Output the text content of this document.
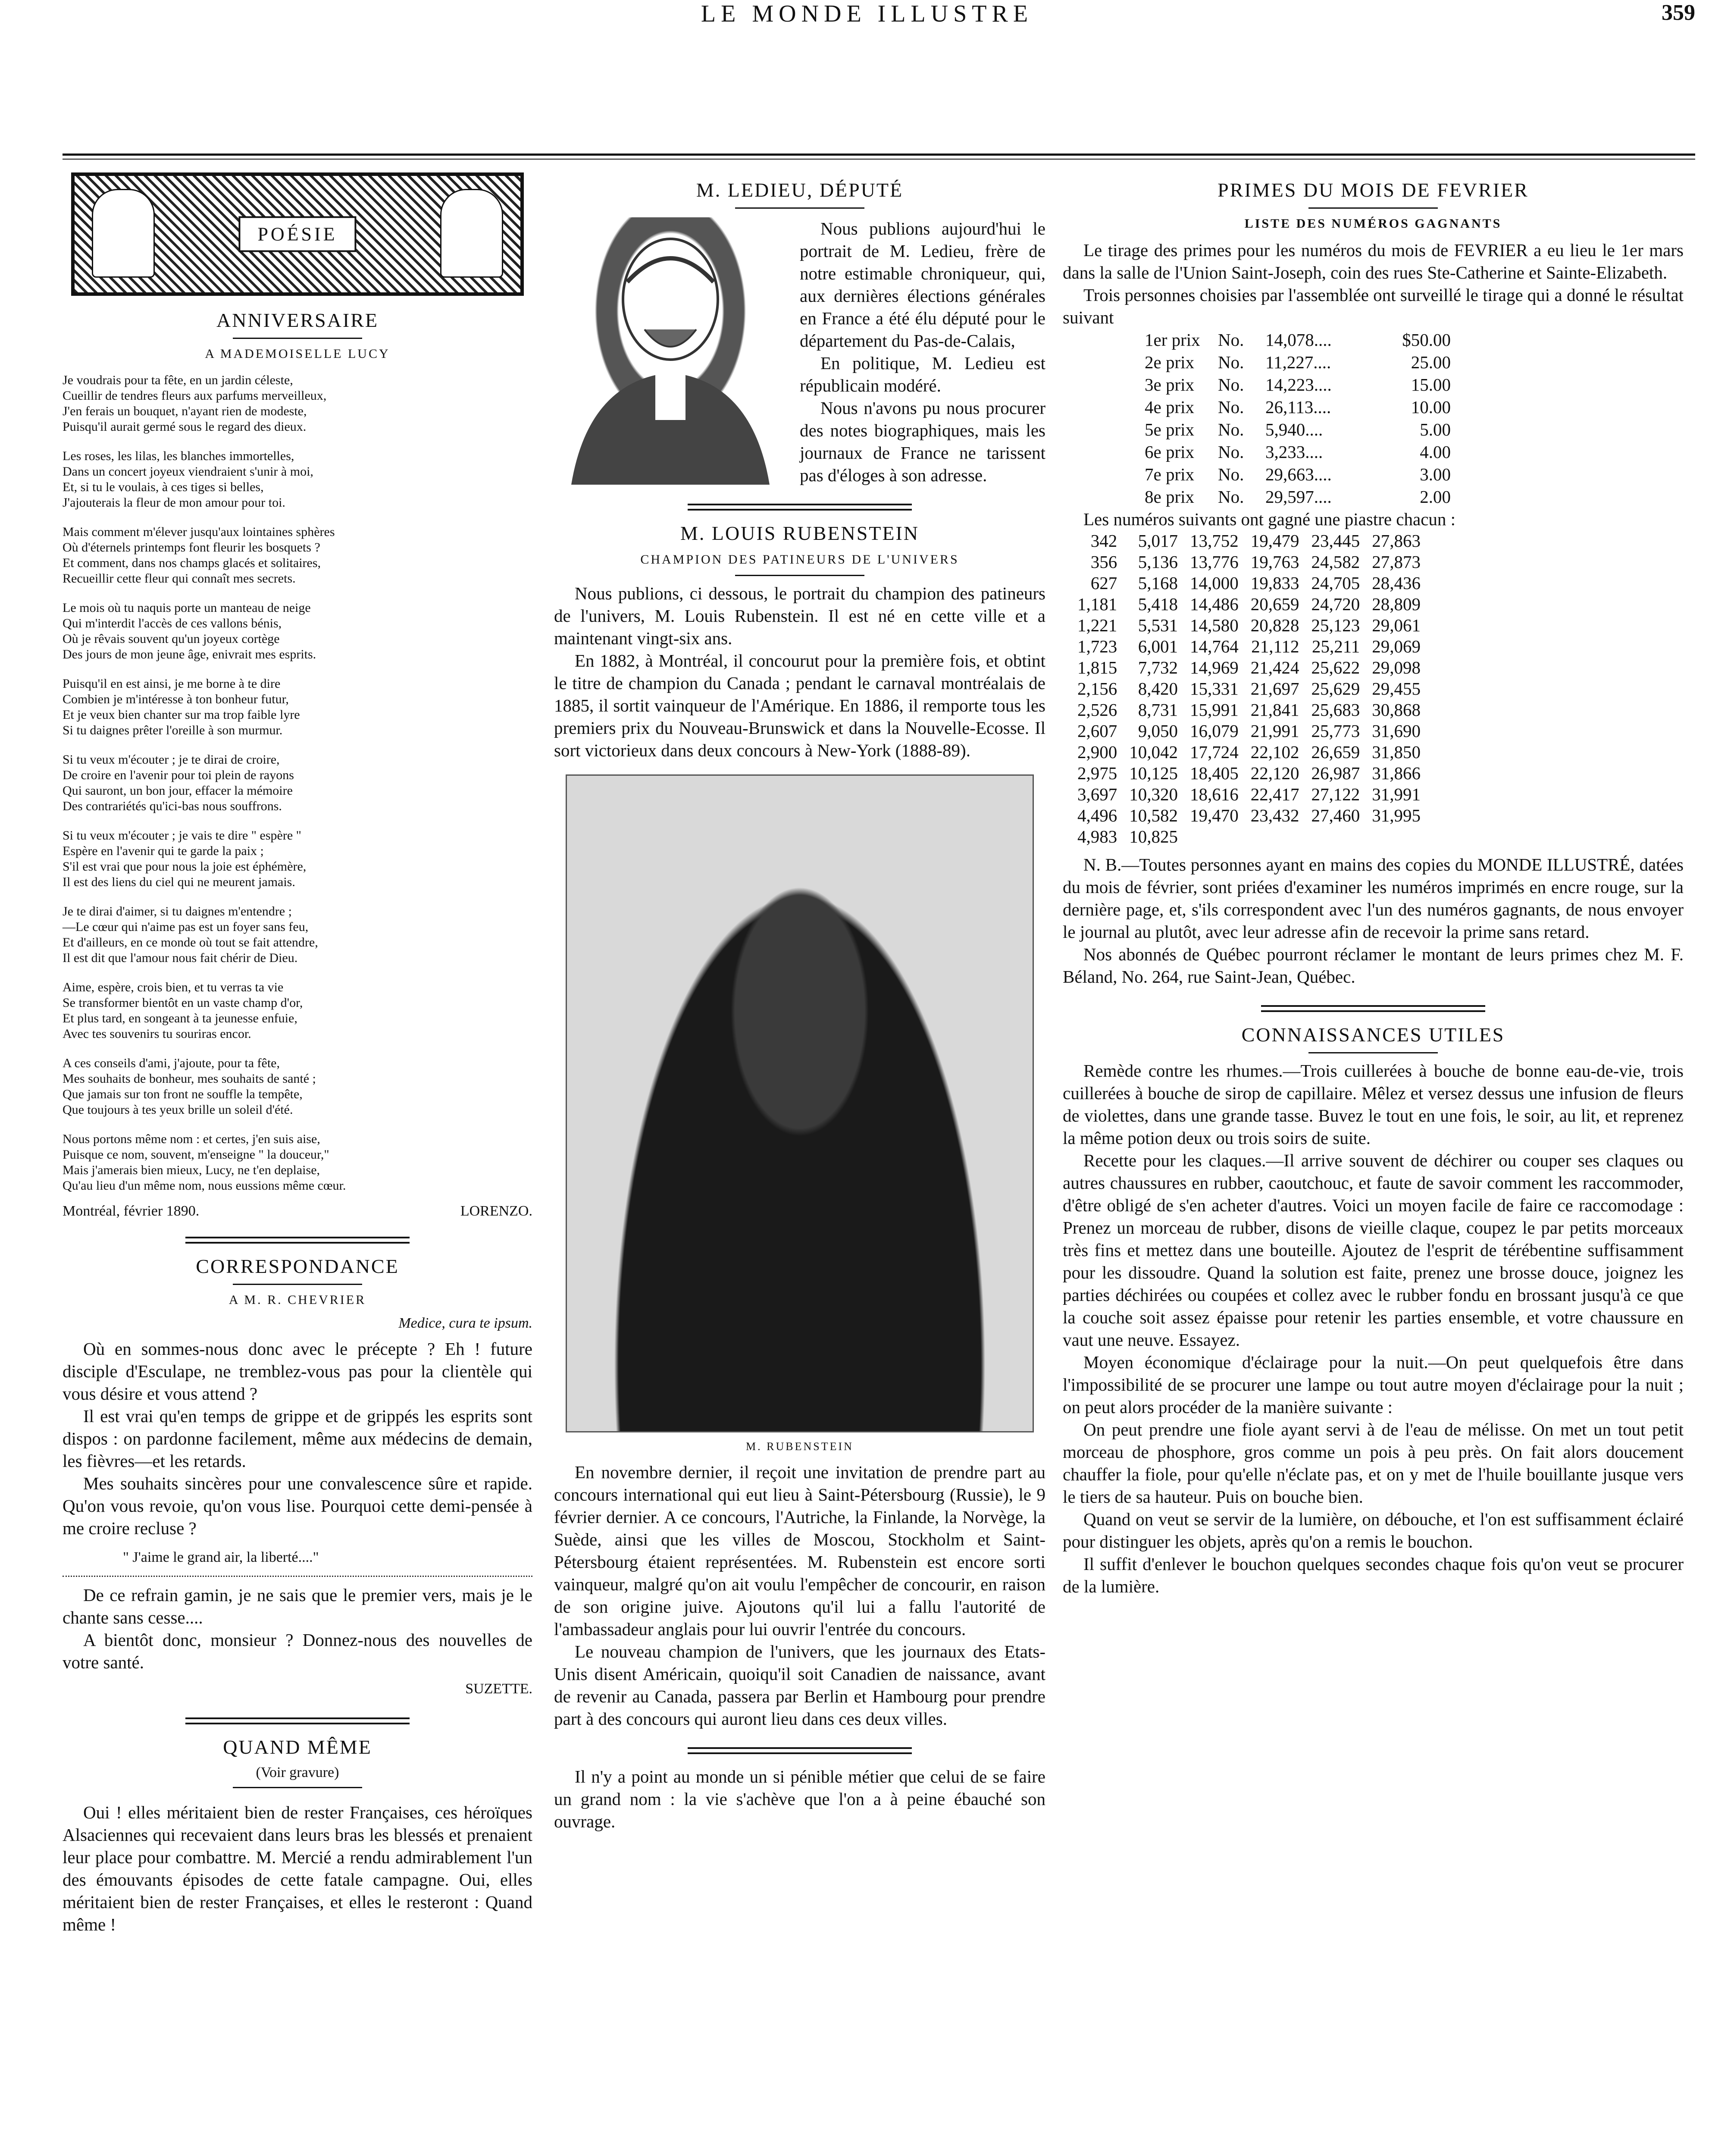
LE MONDE ILLUSTRE	359
POÉSIE
ANNIVERSAIRE
A MADEMOISELLE LUCY
Je voudrais pour ta fête, en un jardin céleste,
Cueillir de tendres fleurs aux parfums merveilleux,
J'en ferais un bouquet, n'ayant rien de modeste,
Puisqu'il aurait germé sous le regard des dieux.
Les roses, les lilas, les blanches immortelles,
Dans un concert joyeux viendraient s'unir à moi,
Et, si tu le voulais, à ces tiges si belles,
J'ajouterais la fleur de mon amour pour toi.
Mais comment m'élever jusqu'aux lointaines sphères
Où d'éternels printemps font fleurir les bosquets ?
Et comment, dans nos champs glacés et solitaires,
Recueillir cette fleur qui connaît mes secrets.
Le mois où tu naquis porte un manteau de neige
Qui m'interdit l'accès de ces vallons bénis,
Où je rêvais souvent qu'un joyeux cortège
Des jours de mon jeune âge, enivrait mes esprits.
Puisqu'il en est ainsi, je me borne à te dire
Combien je m'intéresse à ton bonheur futur,
Et je veux bien chanter sur ma trop faible lyre
Si tu daignes prêter l'oreille à son murmur.
Si tu veux m'écouter ; je te dirai de croire,
De croire en l'avenir pour toi plein de rayons
Qui sauront, un bon jour, effacer la mémoire
Des contrariétés qu'ici-bas nous souffrons.
Si tu veux m'écouter ; je vais te dire " espère "
Espère en l'avenir qui te garde la paix ;
S'il est vrai que pour nous la joie est éphémère,
Il est des liens du ciel qui ne meurent jamais.
Je te dirai d'aimer, si tu daignes m'entendre ;
—Le cœur qui n'aime pas est un foyer sans feu,
Et d'ailleurs, en ce monde où tout se fait attendre,
Il est dit que l'amour nous fait chérir de Dieu.
Aime, espère, crois bien, et tu verras ta vie
Se transformer bientôt en un vaste champ d'or,
Et plus tard, en songeant à ta jeunesse enfuie,
Avec tes souvenirs tu souriras encor.
A ces conseils d'ami, j'ajoute, pour ta fête,
Mes souhaits de bonheur, mes souhaits de santé ;
Que jamais sur ton front ne souffle la tempête,
Que toujours à tes yeux brille un soleil d'été.
Nous portons même nom : et certes, j'en suis aise,
Puisque ce nom, souvent, m'enseigne " la douceur,"
Mais j'amerais bien mieux, Lucy, ne t'en deplaise,
Qu'au lieu d'un même nom, nous eussions même cœur.
Montréal, février 1890.	LORENZO.
CORRESPONDANCE
A M. R. CHEVRIER
Medice, cura te ipsum.

Où en sommes-nous donc avec le précepte ? Eh ! future disciple d'Esculape, ne tremblez-vous pas pour la clientèle qui vous désire et vous attend ?

Il est vrai qu'en temps de grippe et de grippés les esprits sont dispos : on pardonne facilement, même aux médecins de demain, les fièvres—et les retards.

Mes souhaits sincères pour une convalescence sûre et rapide. Qu'on vous revoie, qu'on vous lise. Pourquoi cette demi-pensée à me croire recluse ?

" J'aime le grand air, la liberté...."

De ce refrain gamin, je ne sais que le premier vers, mais je le chante sans cesse....

A bientôt donc, monsieur ? Donnez-nous des nouvelles de votre santé.

SUZETTE.
QUAND MÊME
(Voir gravure)

Oui ! elles méritaient bien de rester Françaises, ces héroïques Alsaciennes qui recevaient dans leurs bras les blessés et prenaient leur place pour combattre. M. Mercié a rendu admirablement l'un des émouvants épisodes de cette fatale campagne. Oui, elles méritaient bien de rester Françaises, et elles le resteront : Quand même !

M. LEDIEU, DÉPUTÉ

Nous publions aujourd'hui le portrait de M. Ledieu, frère de notre estimable chroniqueur, qui, aux dernières élections générales en France a été élu député pour le département du Pas-de-Calais,

En politique, M. Ledieu est républicain modéré.

Nous n'avons pu nous procurer des notes biographiques, mais les journaux de France ne tarissent pas d'éloges à son adresse.

M. LOUIS RUBENSTEIN
CHAMPION DES PATINEURS DE L'UNIVERS

Nous publions, ci dessous, le portrait du champion des patineurs de l'univers, M. Louis Rubenstein. Il est né en cette ville et a maintenant vingt-six ans.

En 1882, à Montréal, il concourut pour la première fois, et obtint le titre de champion du Canada ; pendant le carnaval montréalais de 1885, il sortit vainqueur de l'Amérique. En 1886, il remporte tous les premiers prix du Nouveau-Brunswick et dans la Nouvelle-Ecosse. Il sort victorieux dans deux concours à New-York (1888-89).

M. RUBENSTEIN

En novembre dernier, il reçoit une invitation de prendre part au concours international qui eut lieu à Saint-Pétersbourg (Russie), le 9 février dernier. A ce concours, l'Autriche, la Finlande, la Norvège, la Suède, ainsi que les villes de Moscou, Stockholm et Saint-Pétersbourg étaient représentées. M. Rubenstein est encore sorti vainqueur, malgré qu'on ait voulu l'empêcher de concourir, en raison de son origine juive. Ajoutons qu'il lui a fallu l'autorité de l'ambassadeur anglais pour lui ouvrir l'entrée du concours.

Le nouveau champion de l'univers, que les journaux des Etats-Unis disent Américain, quoiqu'il soit Canadien de naissance, avant de revenir au Canada, passera par Berlin et Hambourg pour prendre part à des concours qui auront lieu dans ces deux villes.

Il n'y a point au monde un si pénible métier que celui de se faire un grand nom : la vie s'achève que l'on a à peine ébauché son ouvrage.

PRIMES DU MOIS DE FEVRIER
LISTE DES NUMÉROS GAGNANTS

Le tirage des primes pour les numéros du mois de FEVRIER a eu lieu le 1er mars dans la salle de l'Union Saint-Joseph, coin des rues Ste-Catherine et Sainte-Elizabeth.

Trois personnes choisies par l'assemblée ont surveillé le tirage qui a donné le résultat suivant

1er prix No. 14,078....	$50.00
2e prix No. 11,227....	25.00
3e prix No. 14,223....	15.00
4e prix No. 26,113....	10.00
5e prix No. 5,940....	5.00
6e prix No. 3,233....	4.00
7e prix No. 29,663....	3.00
8e prix No. 29,597....	2.00

Les numéros suivants ont gagné une piastre chacun :

342	5,017	13,752	19,479	23,445	27,863
356	5,136	13,776	19,763	24,582	27,873
627	5,168	14,000	19,833	24,705	28,436
1,181	5,418	14,486	20,659	24,720	28,809
1,221	5,531	14,580	20,828	25,123	29,061
1,723	6,001	14,764	21,112	25,211	29,069
1,815	7,732	14,969	21,424	25,622	29,098
2,156	8,420	15,331	21,697	25,629	29,455
2,526	8,731	15,991	21,841	25,683	30,868
2,607	9,050	16,079	21,991	25,773	31,690
2,900	10,042	17,724	22,102	26,659	31,850
2,975	10,125	18,405	22,120	26,987	31,866
3,697	10,320	18,616	22,417	27,122	31,991
4,496	10,582	19,470	23,432	27,460	31,995
4,983	10,825				

N. B.—Toutes personnes ayant en mains des copies du MONDE ILLUSTRÉ, datées du mois de février, sont priées d'examiner les numéros imprimés en encre rouge, sur la dernière page, et, s'ils correspondent avec l'un des numéros gagnants, de nous envoyer le journal au plutôt, avec leur adresse afin de recevoir la prime sans retard.

Nos abonnés de Québec pourront réclamer le montant de leurs primes chez M. F. Béland, No. 264, rue Saint-Jean, Québec.

CONNAISSANCES UTILES

Remède contre les rhumes.—Trois cuillerées à bouche de bonne eau-de-vie, trois cuillerées à bouche de sirop de capillaire. Mêlez et versez dessus une infusion de fleurs de violettes, dans une grande tasse. Buvez le tout en une fois, le soir, au lit, et reprenez la même potion deux ou trois soirs de suite.

Recette pour les claques.—Il arrive souvent de déchirer ou couper ses claques ou autres chaussures en rubber, caoutchouc, et faute de savoir comment les raccommoder, d'être obligé de s'en acheter d'autres. Voici un moyen facile de faire ce raccomodage : Prenez un morceau de rubber, disons de vieille claque, coupez le par petits morceaux très fins et mettez dans une bouteille. Ajoutez de l'esprit de térébentine suffisamment pour les dissoudre. Quand la solution est faite, prenez une brosse douce, joignez les parties déchirées ou coupées et collez avec le rubber fondu en brossant jusqu'à ce que la couche soit assez épaisse pour retenir les parties ensemble, et votre chaussure en vaut une neuve. Essayez.

Moyen économique d'éclairage pour la nuit.—On peut quelquefois être dans l'impossibilité de se procurer une lampe ou tout autre moyen d'éclairage pour la nuit ; on peut alors procéder de la manière suivante :

On peut prendre une fiole ayant servi à de l'eau de mélisse. On met un tout petit morceau de phosphore, gros comme un pois à peu près. On fait alors doucement chauffer la fiole, pour qu'elle n'éclate pas, et on y met de l'huile bouillante jusque vers le tiers de sa hauteur. Puis on bouche bien.

Quand on veut se servir de la lumière, on débouche, et l'on est suffisamment éclairé pour distinguer les objets, après qu'on a remis le bouchon.

Il suffit d'enlever le bouchon quelques secondes chaque fois qu'on veut se procurer de la lumière.
